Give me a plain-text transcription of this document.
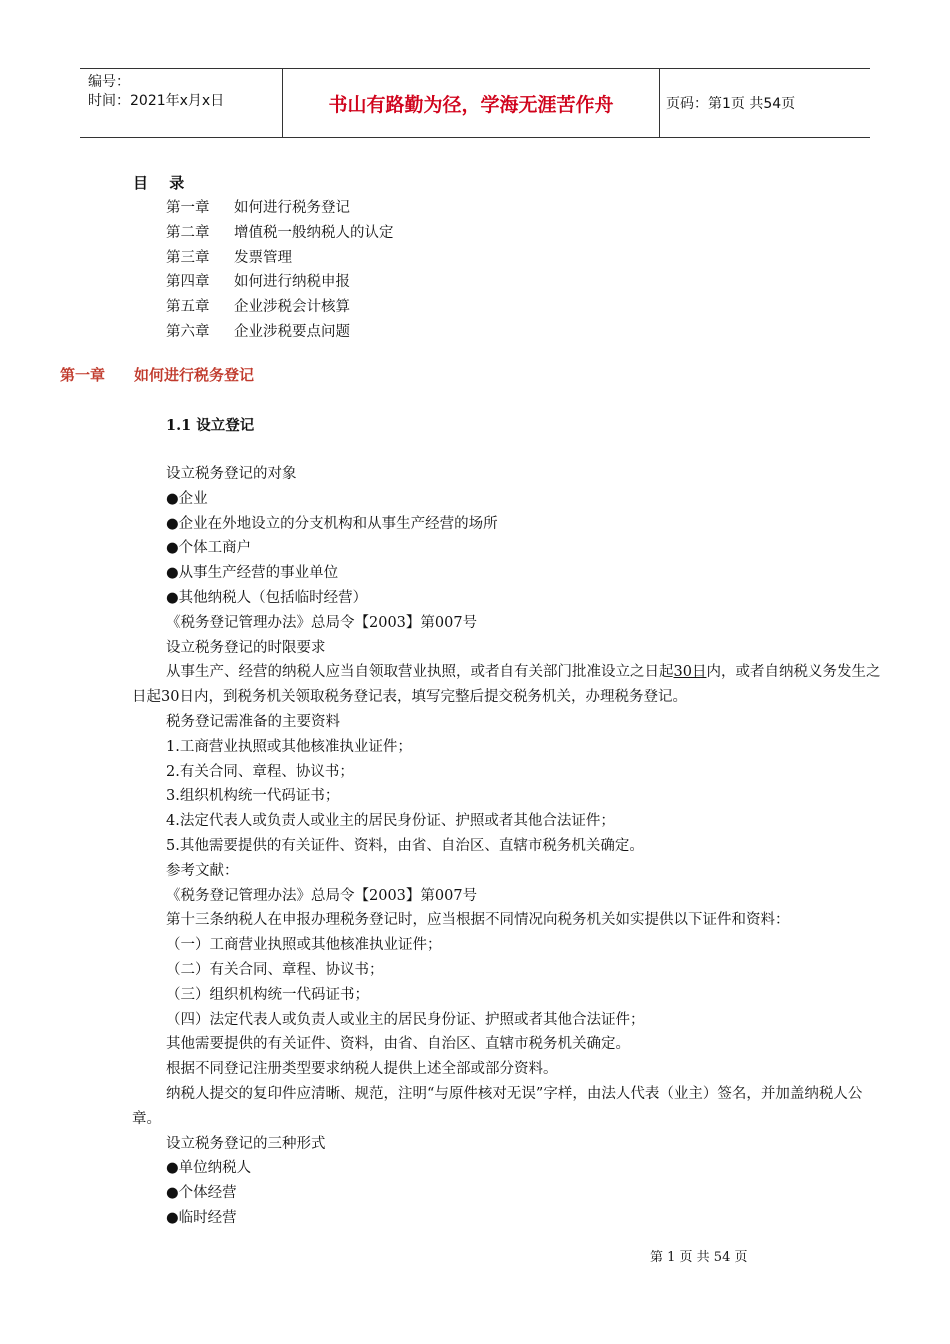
编号：
时间：2021年x月x日	书山有路勤为径，学海无涯苦作舟	页码：第1页 共54页
目 录
第一章 如何进行税务登记
第二章 增值税一般纳税人的认定
第三章 发票管理
第四章 如何进行纳税申报
第五章 企业涉税会计核算
第六章 企业涉税要点问题
第一章 如何进行税务登记
1.1 设立登记

设立税务登记的对象

●企业

●企业在外地设立的分支机构和从事生产经营的场所

●个体工商户

●从事生产经营的事业单位

●其他纳税人（包括临时经营）

《税务登记管理办法》总局令【2003】第007号

设立税务登记的时限要求

从事生产、经营的纳税人应当自领取营业执照，或者自有关部门批准设立之日起30日内，或者自纳税义务发生之日起30日内，到税务机关领取税务登记表，填写完整后提交税务机关，办理税务登记。

税务登记需准备的主要资料

1.工商营业执照或其他核准执业证件；

2.有关合同、章程、协议书；

3.组织机构统一代码证书；

4.法定代表人或负责人或业主的居民身份证、护照或者其他合法证件；

5.其他需要提供的有关证件、资料，由省、自治区、直辖市税务机关确定。

参考文献：

《税务登记管理办法》总局令【2003】第007号

第十三条纳税人在申报办理税务登记时，应当根据不同情况向税务机关如实提供以下证件和资料：

（一）工商营业执照或其他核准执业证件；

（二）有关合同、章程、协议书；

（三）组织机构统一代码证书；

（四）法定代表人或负责人或业主的居民身份证、护照或者其他合法证件；

其他需要提供的有关证件、资料，由省、自治区、直辖市税务机关确定。

根据不同登记注册类型要求纳税人提供上述全部或部分资料。

纳税人提交的复印件应清晰、规范，注明“与原件核对无误”字样，由法人代表（业主）签名，并加盖纳税人公章。

设立税务登记的三种形式

●单位纳税人

●个体经营

●临时经营

第 1 页 共 54 页
